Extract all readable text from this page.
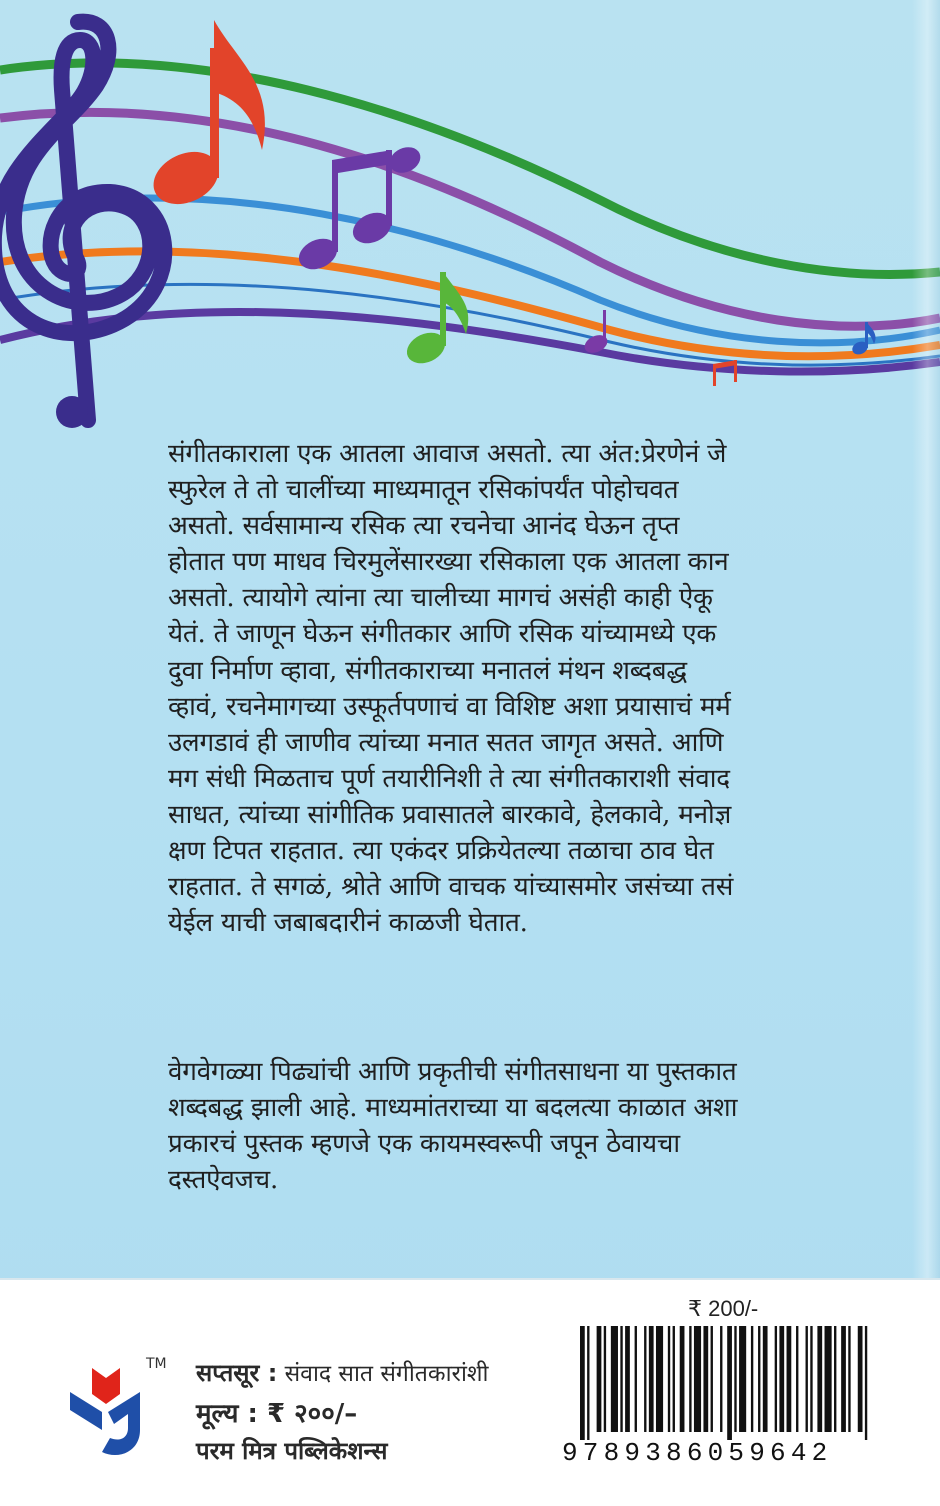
संगीतकाराला एक आतला आवाज असतो. त्या अंत:प्रेरणेनं जे
स्फुरेल ते तो चालींच्या माध्यमातून रसिकांपर्यंत पोहोचवत
असतो. सर्वसामान्य रसिक त्या रचनेचा आनंद घेऊन तृप्त
होतात पण माधव चिरमुलेंसारख्या रसिकाला एक आतला कान
असतो. त्यायोगे त्यांना त्या चालीच्या मागचं असंही काही ऐकू
येतं. ते जाणून घेऊन संगीतकार आणि रसिक यांच्यामध्ये एक
दुवा निर्माण व्हावा, संगीतकाराच्या मनातलं मंथन शब्दबद्ध
व्हावं, रचनेमागच्या उस्फूर्तपणाचं वा विशिष्ट अशा प्रयासाचं मर्म
उलगडावं ही जाणीव त्यांच्या मनात सतत जागृत असते. आणि
मग संधी मिळताच पूर्ण तयारीनिशी ते त्या संगीतकाराशी संवाद
साधत, त्यांच्या सांगीतिक प्रवासातले बारकावे, हेलकावे, मनोज्ञ
क्षण टिपत राहतात. त्या एकंदर प्रक्रियेतल्या तळाचा ठाव घेत
राहतात. ते सगळं, श्रोते आणि वाचक यांच्यासमोर जसंच्या तसं
येईल याची जबाबदारीनं काळजी घेतात.
वेगवेगळ्या पिढ्यांची आणि प्रकृतीची संगीतसाधना या पुस्तकात
शब्दबद्ध झाली आहे. माध्यमांतराच्या या बदलत्या काळात अशा
प्रकारचं पुस्तक म्हणजे एक कायमस्वरूपी जपून ठेवायचा
दस्तऐवजच.
TM सप्तसूर : संवाद सात संगीतकारांशी

मूल्य : ₹ २००/–

परम मित्र पब्लिकेशन्स

₹ 200/-
9789386059642
